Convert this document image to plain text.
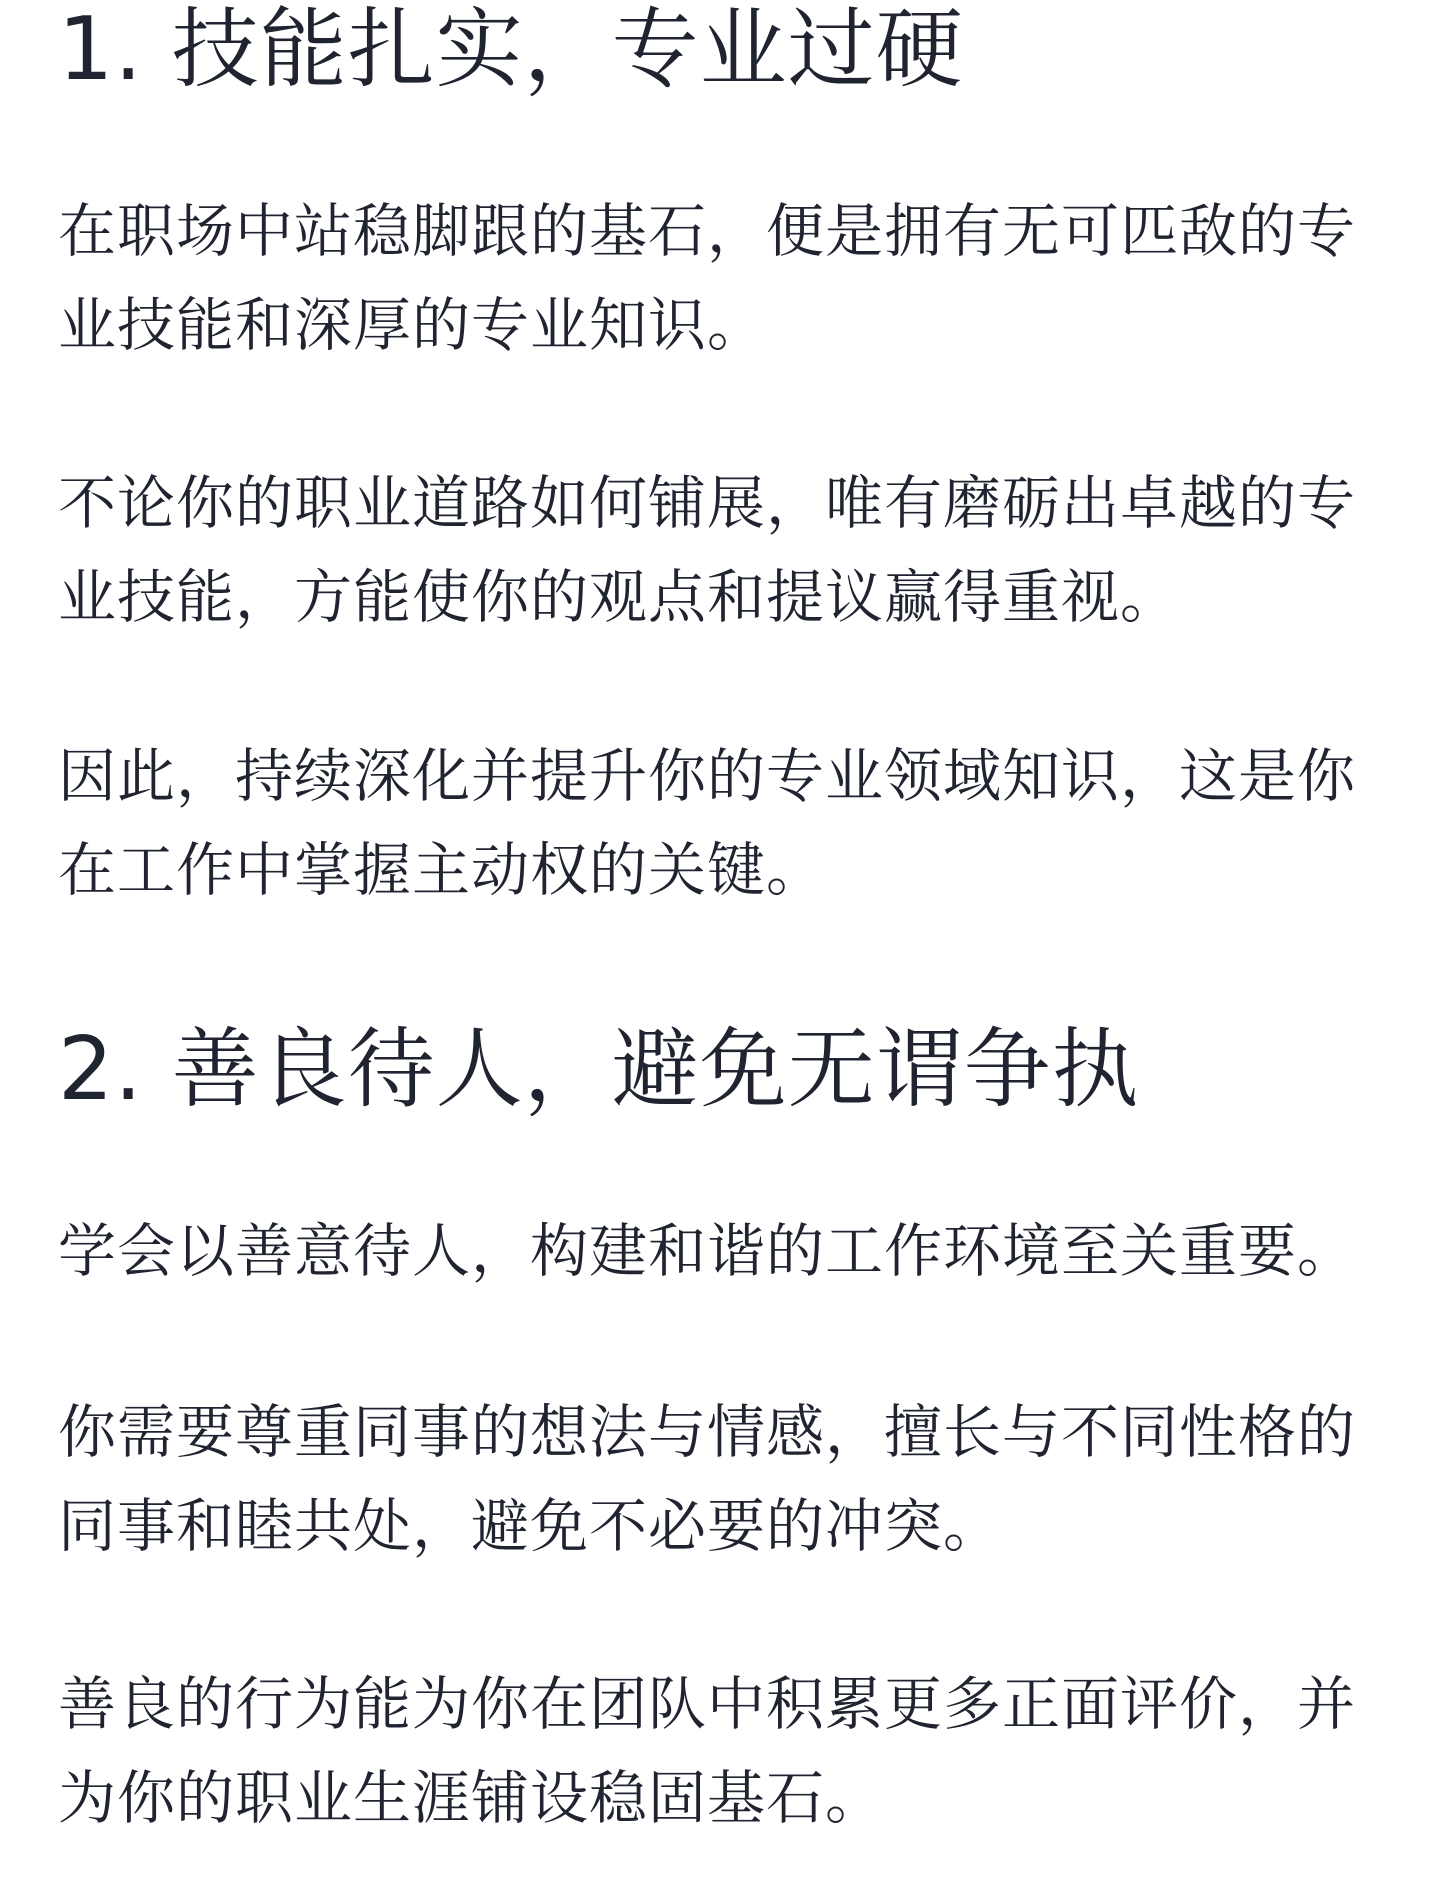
1. 技能扎实，专业过硬

在职场中站稳脚跟的基石，便是拥有无可匹敌的专业技能和深厚的专业知识。

不论你的职业道路如何铺展，唯有磨砺出卓越的专业技能，方能使你的观点和提议赢得重视。

因此，持续深化并提升你的专业领域知识，这是你在工作中掌握主动权的关键。

2. 善良待人，避免无谓争执

学会以善意待人，构建和谐的工作环境至关重要。

你需要尊重同事的想法与情感，擅长与不同性格的同事和睦共处，避免不必要的冲突。

善良的行为能为你在团队中积累更多正面评价，并为你的职业生涯铺设稳固基石。
